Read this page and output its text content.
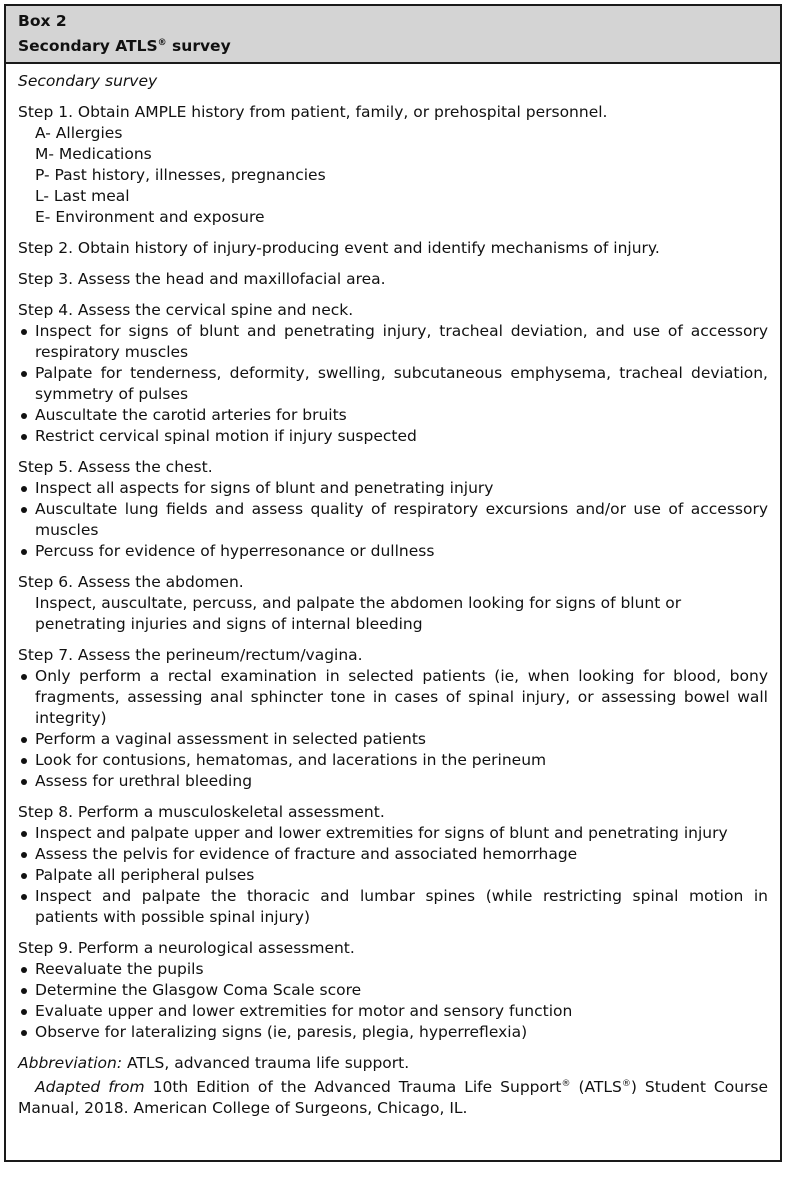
Box 2
Secondary ATLS® survey
Secondary survey
Step 1. Obtain AMPLE history from patient, family, or prehospital personnel.
A- Allergies
M- Medications
P- Past history, illnesses, pregnancies
L- Last meal
E- Environment and exposure
Step 2. Obtain history of injury-producing event and identify mechanisms of injury.
Step 3. Assess the head and maxillofacial area.
Step 4. Assess the cervical spine and neck.
Inspect for signs of blunt and penetrating injury, tracheal deviation, and use of accessory respiratory muscles
Palpate for tenderness, deformity, swelling, subcutaneous emphysema, tracheal deviation, symmetry of pulses
Auscultate the carotid arteries for bruits
Restrict cervical spinal motion if injury suspected
Step 5. Assess the chest.
Inspect all aspects for signs of blunt and penetrating injury
Auscultate lung fields and assess quality of respiratory excursions and/or use of accessory muscles
Percuss for evidence of hyperresonance or dullness
Step 6. Assess the abdomen.
Inspect, auscultate, percuss, and palpate the abdomen looking for signs of blunt or penetrating injuries and signs of internal bleeding
Step 7. Assess the perineum/rectum/vagina.
Only perform a rectal examination in selected patients (ie, when looking for blood, bony fragments, assessing anal sphincter tone in cases of spinal injury, or assessing bowel wall integrity)
Perform a vaginal assessment in selected patients
Look for contusions, hematomas, and lacerations in the perineum
Assess for urethral bleeding
Step 8. Perform a musculoskeletal assessment.
Inspect and palpate upper and lower extremities for signs of blunt and penetrating injury
Assess the pelvis for evidence of fracture and associated hemorrhage
Palpate all peripheral pulses
Inspect and palpate the thoracic and lumbar spines (while restricting spinal motion in patients with possible spinal injury)
Step 9. Perform a neurological assessment.
Reevaluate the pupils
Determine the Glasgow Coma Scale score
Evaluate upper and lower extremities for motor and sensory function
Observe for lateralizing signs (ie, paresis, plegia, hyperreflexia)
Abbreviation: ATLS, advanced trauma life support.
Adapted from 10th Edition of the Advanced Trauma Life Support® (ATLS®) Student Course Manual, 2018. American College of Surgeons, Chicago, IL.
